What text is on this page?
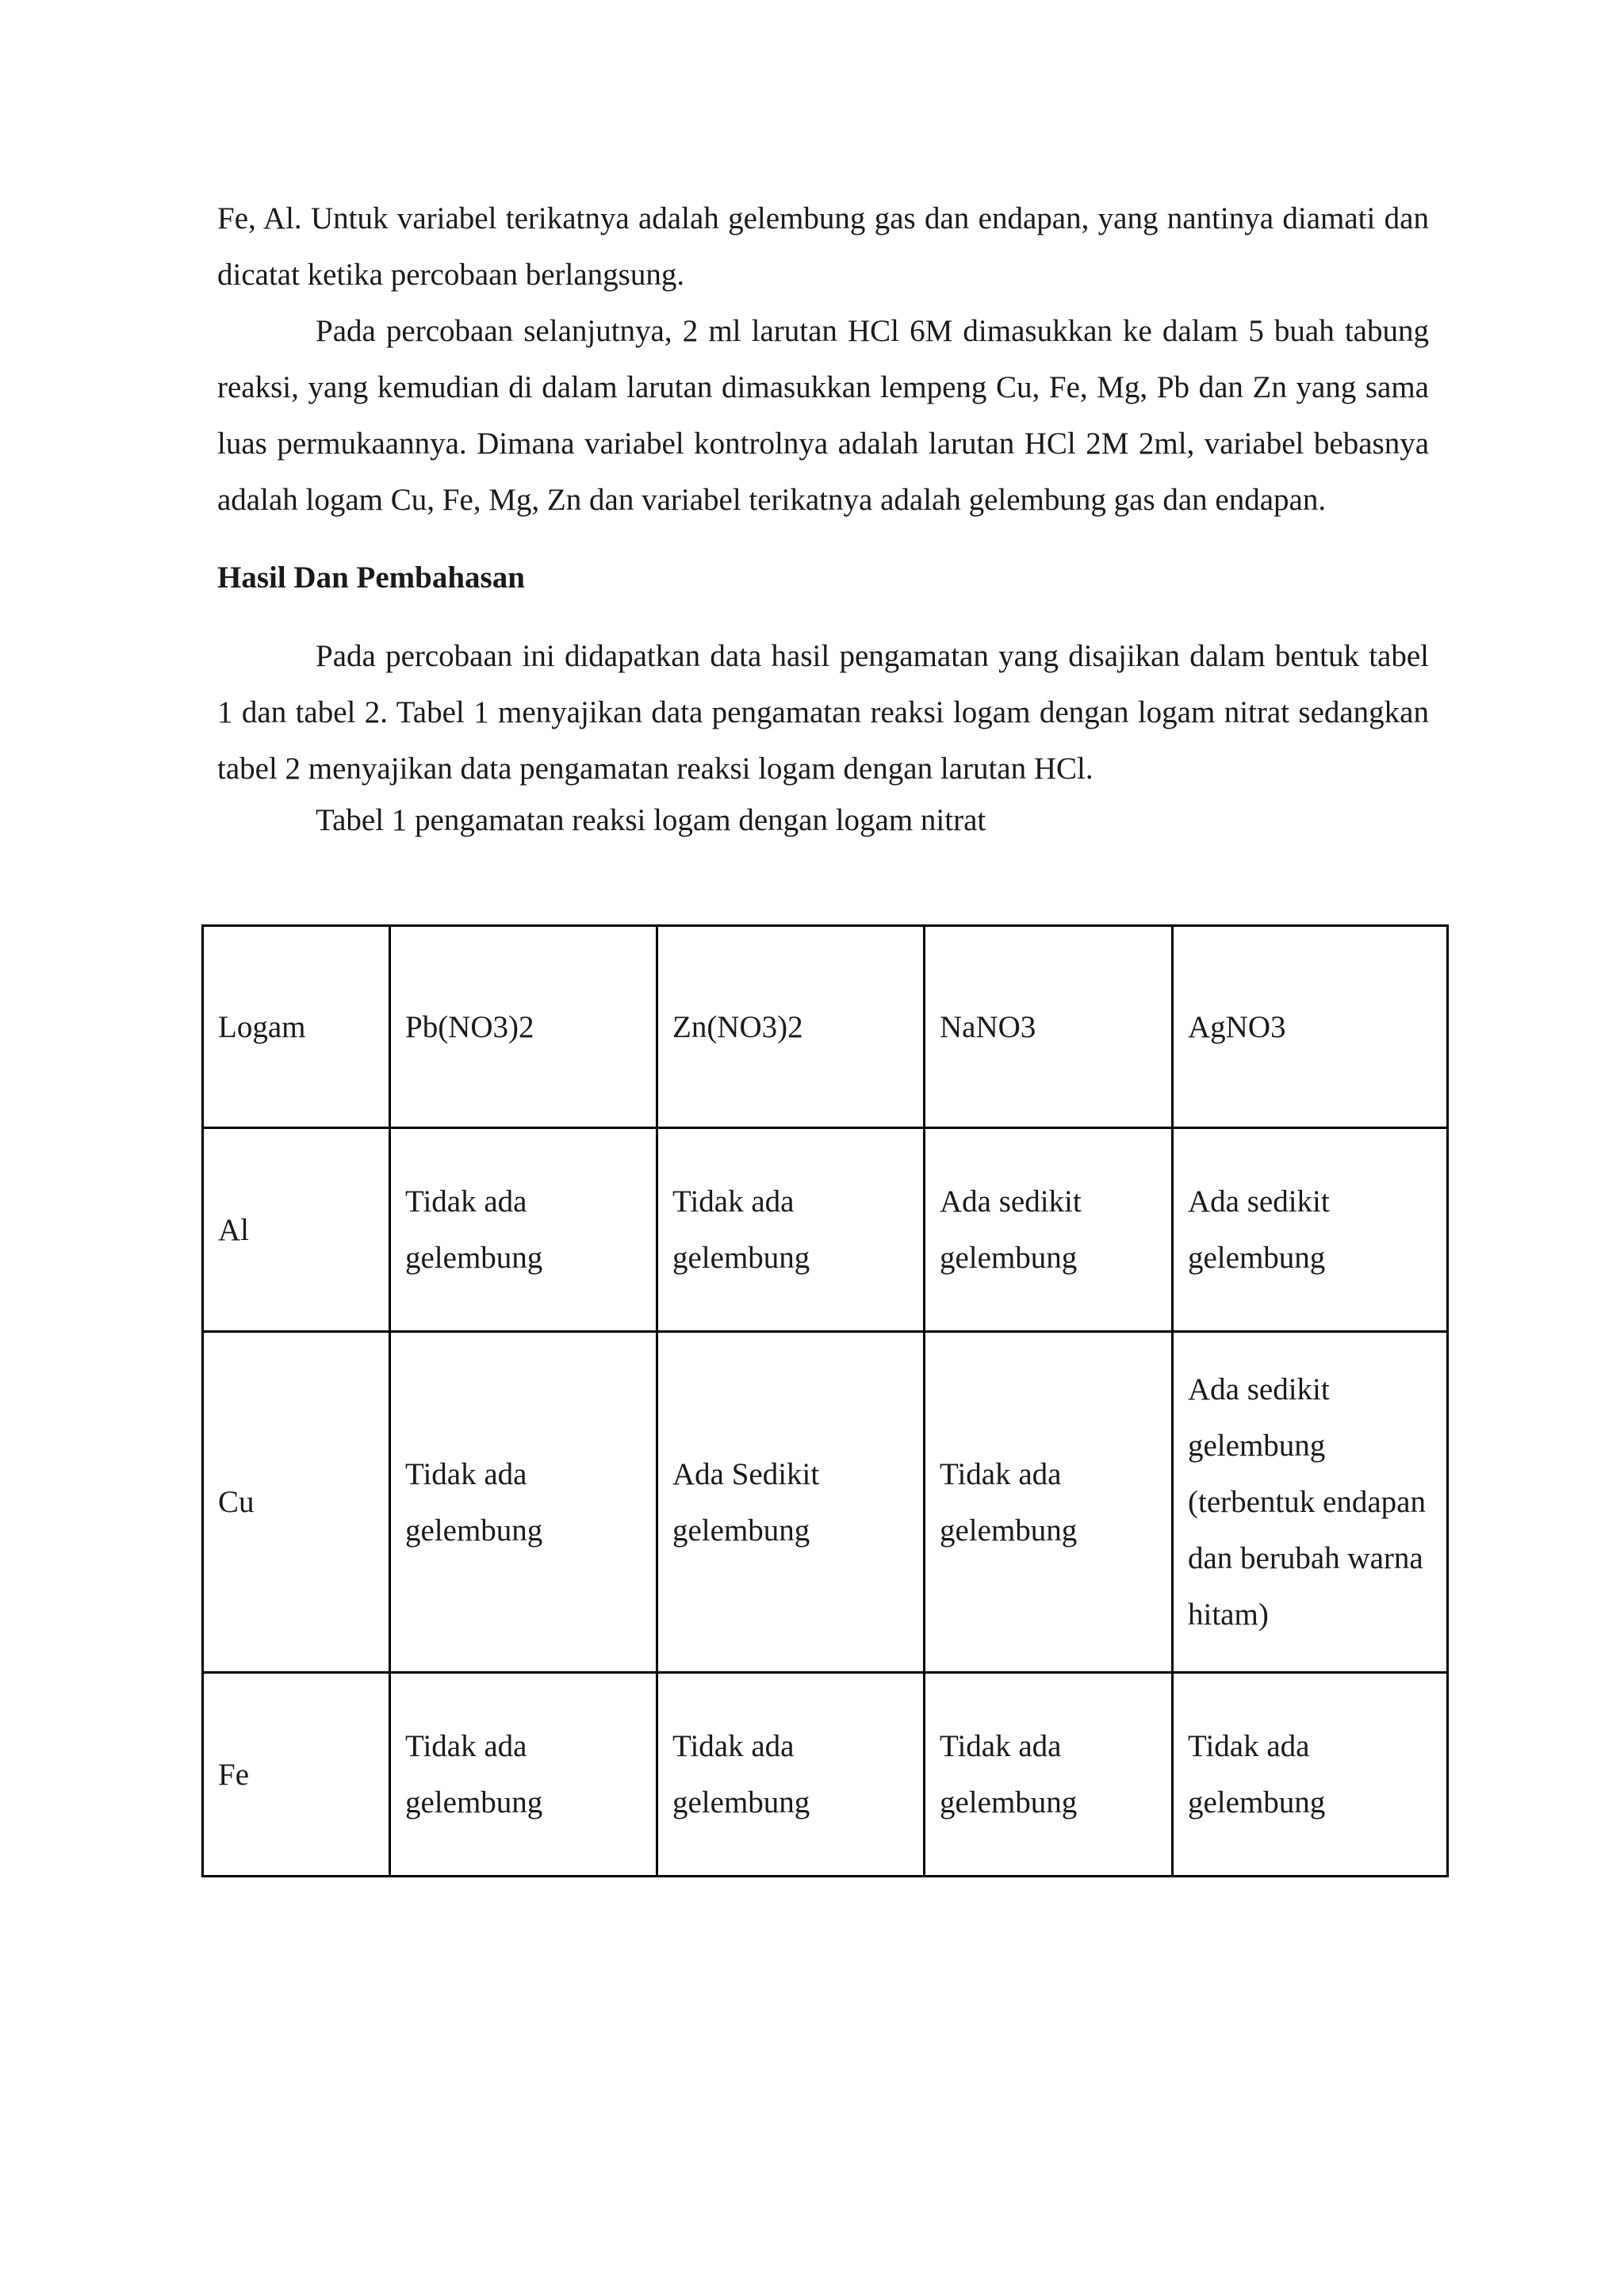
Fe, Al. Untuk variabel terikatnya adalah gelembung gas dan endapan, yang nantinya diamati dan dicatat ketika percobaan berlangsung.

Pada percobaan selanjutnya, 2 ml larutan HCl 6M dimasukkan ke dalam 5 buah tabung reaksi, yang kemudian di dalam larutan dimasukkan lempeng Cu, Fe, Mg, Pb dan Zn yang sama luas permukaannya. Dimana variabel kontrolnya adalah larutan HCl 2M 2ml, variabel bebasnya adalah logam Cu, Fe, Mg, Zn dan variabel terikatnya adalah gelembung gas dan endapan.

Hasil Dan Pembahasan

Pada percobaan ini didapatkan data hasil pengamatan yang disajikan dalam bentuk tabel 1 dan tabel 2. Tabel 1 menyajikan data pengamatan reaksi logam dengan logam nitrat sedangkan tabel 2 menyajikan data pengamatan reaksi logam dengan larutan HCl.

Tabel 1 pengamatan reaksi logam dengan logam nitrat

Logam	Pb(NO3)2	Zn(NO3)2	NaNO3	AgNO3
Al	Tidak ada gelembung	Tidak ada gelembung	Ada sedikit gelembung	Ada sedikit gelembung
Cu	Tidak ada gelembung	Ada Sedikit gelembung	Tidak ada gelembung	Ada sedikit gelembung (terbentuk endapan dan berubah warna hitam)
Fe	Tidak ada gelembung	Tidak ada gelembung	Tidak ada gelembung	Tidak ada gelembung
